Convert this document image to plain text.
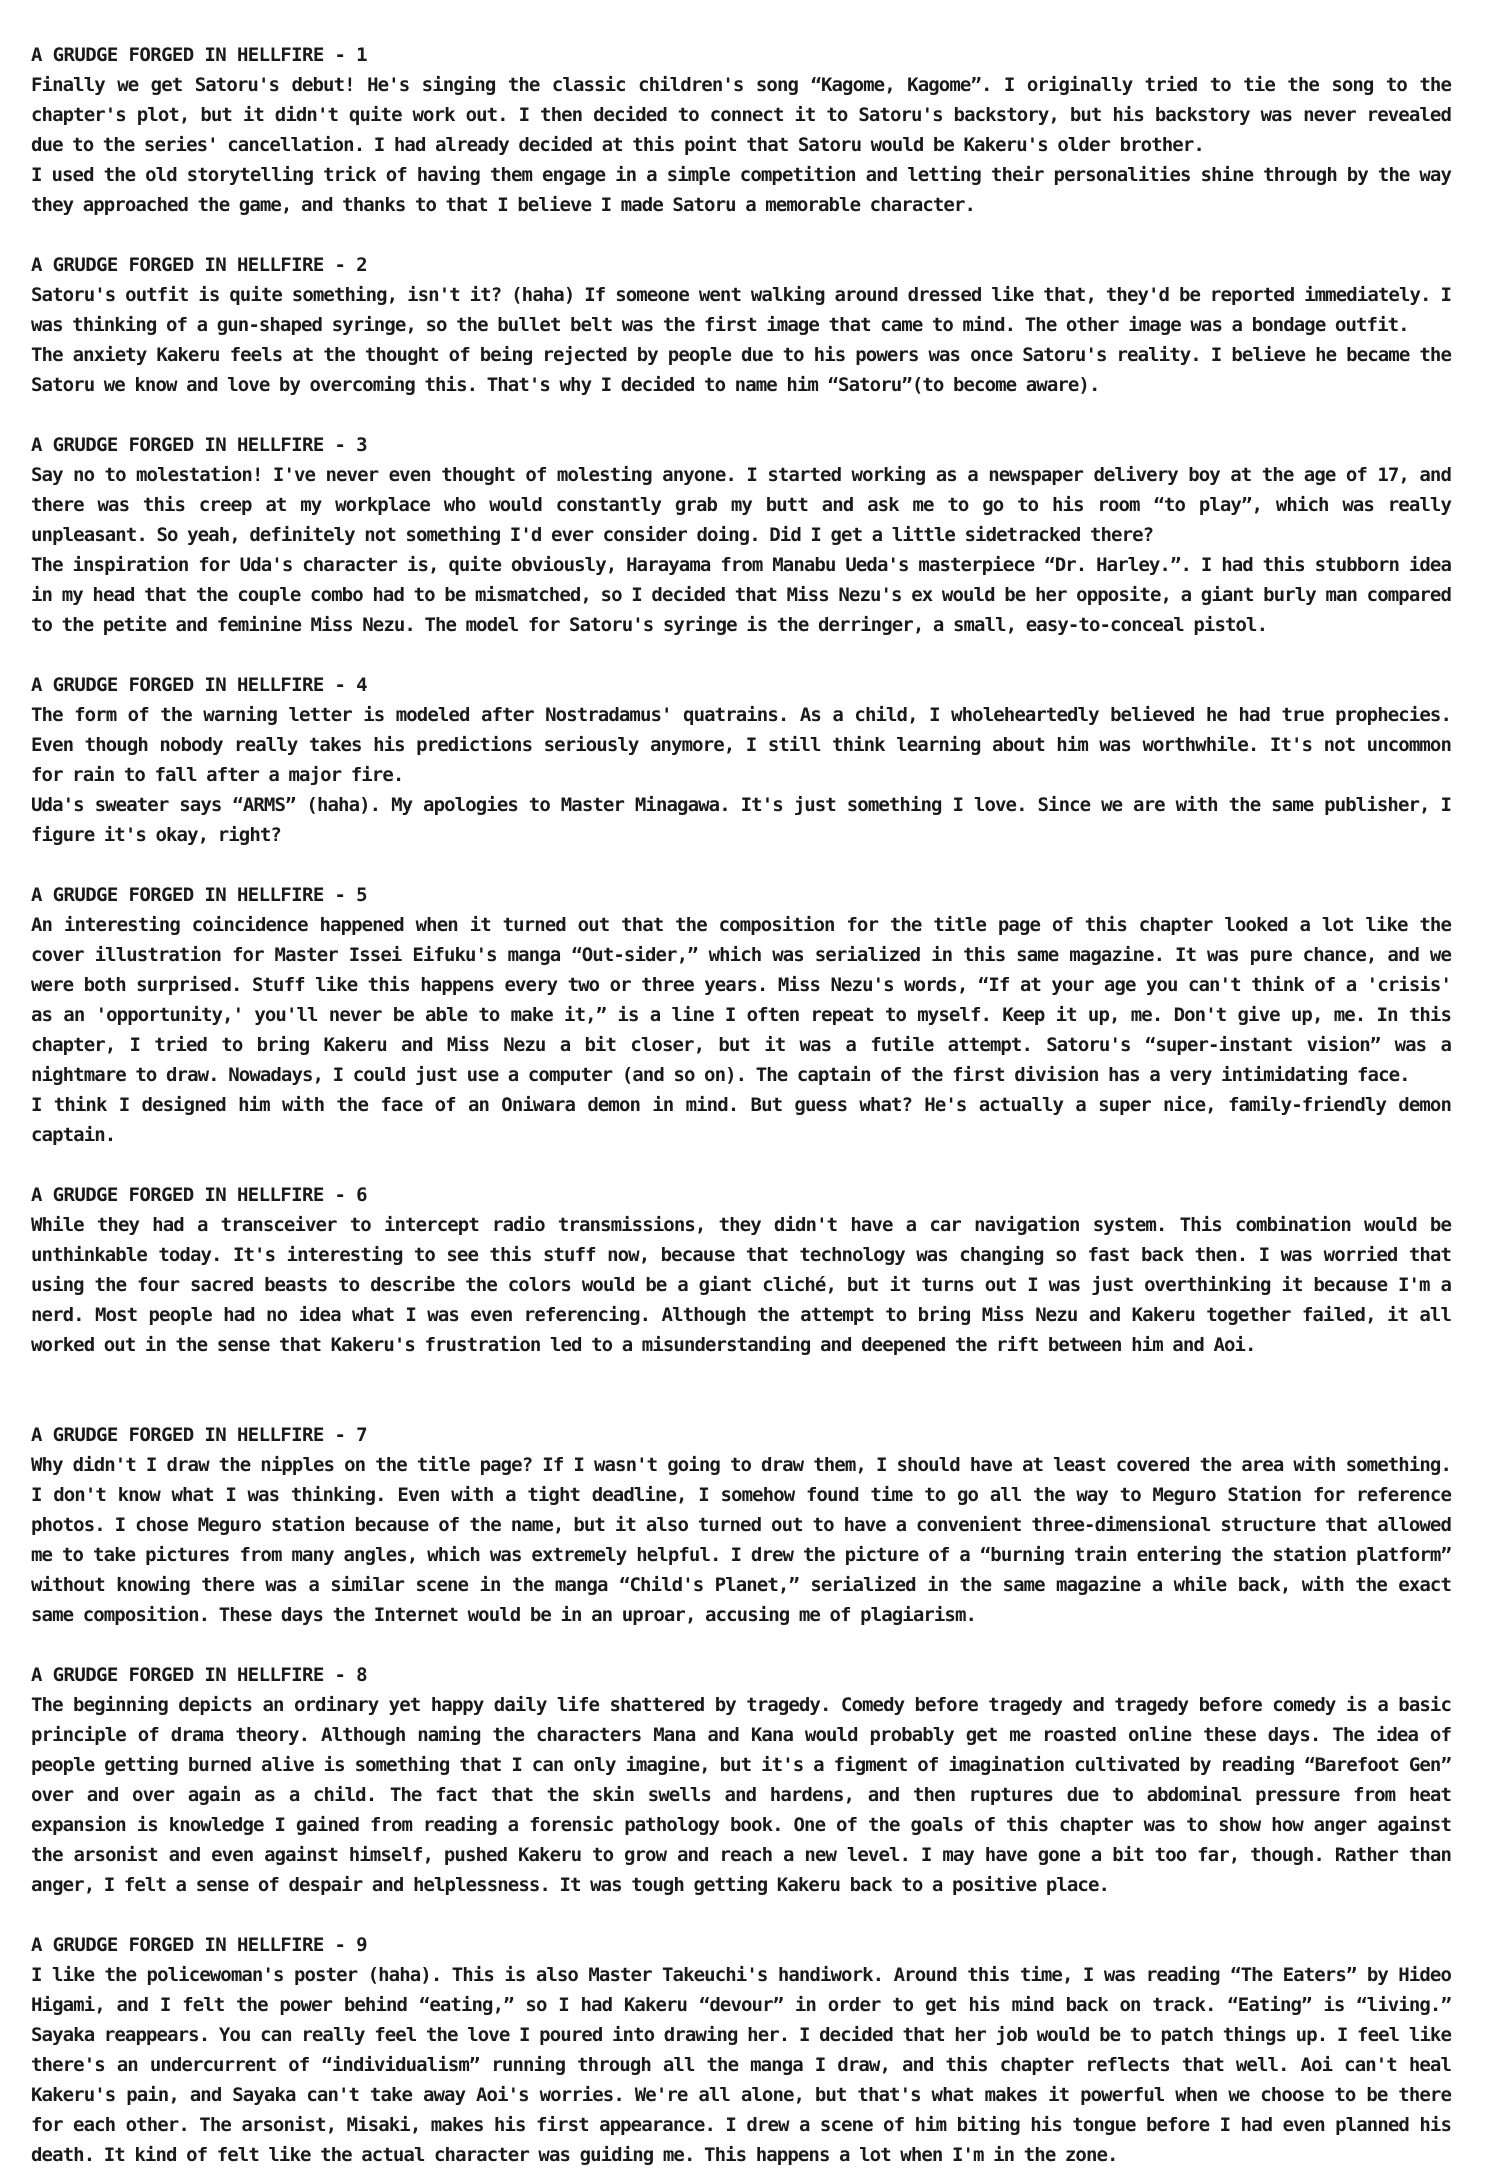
A GRUDGE FORGED IN HELLFIRE - 1

Finally we get Satoru's debut! He's singing the classic children's song “Kagome, Kagome”. I originally tried to tie the song to the chapter's plot, but it didn't quite work out. I then decided to connect it to Satoru's backstory, but his backstory was never revealed due to the series' cancellation. I had already decided at this point that Satoru would be Kakeru's older brother.

I used the old storytelling trick of having them engage in a simple competition and letting their personalities shine through by the way they approached the game, and thanks to that I believe I made Satoru a memorable character.

A GRUDGE FORGED IN HELLFIRE - 2

Satoru's outfit is quite something, isn't it? (haha) If someone went walking around dressed like that, they'd be reported immediately. I was thinking of a gun-shaped syringe, so the bullet belt was the first image that came to mind. The other image was a bondage outfit.

The anxiety Kakeru feels at the thought of being rejected by people due to his powers was once Satoru's reality. I believe he became the Satoru we know and love by overcoming this. That's why I decided to name him “Satoru”(to become aware).

A GRUDGE FORGED IN HELLFIRE - 3

Say no to molestation! I've never even thought of molesting anyone. I started working as a newspaper delivery boy at the age of 17, and there was this creep at my workplace who would constantly grab my butt and ask me to go to his room “to play”, which was really unpleasant. So yeah, definitely not something I'd ever consider doing. Did I get a little sidetracked there?

The inspiration for Uda's character is, quite obviously, Harayama from Manabu Ueda's masterpiece “Dr. Harley.”. I had this stubborn idea in my head that the couple combo had to be mismatched, so I decided that Miss Nezu's ex would be her opposite, a giant burly man compared to the petite and feminine Miss Nezu. The model for Satoru's syringe is the derringer, a small, easy-to-conceal pistol.

A GRUDGE FORGED IN HELLFIRE - 4

The form of the warning letter is modeled after Nostradamus' quatrains. As a child, I wholeheartedly believed he had true prophecies. Even though nobody really takes his predictions seriously anymore, I still think learning about him was worthwhile. It's not uncommon for rain to fall after a major fire.

Uda's sweater says “ARMS” (haha). My apologies to Master Minagawa. It's just something I love. Since we are with the same publisher, I figure it's okay, right?

A GRUDGE FORGED IN HELLFIRE - 5

An interesting coincidence happened when it turned out that the composition for the title page of this chapter looked a lot like the cover illustration for Master Issei Eifuku's manga “Out-sider,” which was serialized in this same magazine. It was pure chance, and we were both surprised. Stuff like this happens every two or three years. Miss Nezu's words, “If at your age you can't think of a 'crisis' as an 'opportunity,' you'll never be able to make it,” is a line I often repeat to myself. Keep it up, me. Don't give up, me. In this chapter, I tried to bring Kakeru and Miss Nezu a bit closer, but it was a futile attempt. Satoru's “super-instant vision” was a nightmare to draw. Nowadays, I could just use a computer (and so on). The captain of the first division has a very intimidating face.

I think I designed him with the face of an Oniwara demon in mind. But guess what? He's actually a super nice, family-friendly demon captain.

A GRUDGE FORGED IN HELLFIRE - 6

While they had a transceiver to intercept radio transmissions, they didn't have a car navigation system. This combination would be unthinkable today. It's interesting to see this stuff now, because that technology was changing so fast back then. I was worried that using the four sacred beasts to describe the colors would be a giant cliché, but it turns out I was just overthinking it because I'm a nerd. Most people had no idea what I was even referencing. Although the attempt to bring Miss Nezu and Kakeru together failed, it all worked out in the sense that Kakeru's frustration led to a misunderstanding and deepened the rift between him and Aoi.

A GRUDGE FORGED IN HELLFIRE - 7

Why didn't I draw the nipples on the title page? If I wasn't going to draw them, I should have at least covered the area with something. I don't know what I was thinking. Even with a tight deadline, I somehow found time to go all the way to Meguro Station for reference photos. I chose Meguro station because of the name, but it also turned out to have a convenient three-dimensional structure that allowed me to take pictures from many angles, which was extremely helpful. I drew the picture of a “burning train entering the station platform” without knowing there was a similar scene in the manga “Child's Planet,” serialized in the same magazine a while back, with the exact same composition. These days the Internet would be in an uproar, accusing me of plagiarism.

A GRUDGE FORGED IN HELLFIRE - 8

The beginning depicts an ordinary yet happy daily life shattered by tragedy. Comedy before tragedy and tragedy before comedy is a basic principle of drama theory. Although naming the characters Mana and Kana would probably get me roasted online these days. The idea of people getting burned alive is something that I can only imagine, but it's a figment of imagination cultivated by reading “Barefoot Gen” over and over again as a child. The fact that the skin swells and hardens, and then ruptures due to abdominal pressure from heat expansion is knowledge I gained from reading a forensic pathology book. One of the goals of this chapter was to show how anger against the arsonist and even against himself, pushed Kakeru to grow and reach a new level. I may have gone a bit too far, though. Rather than anger, I felt a sense of despair and helplessness. It was tough getting Kakeru back to a positive place.

A GRUDGE FORGED IN HELLFIRE - 9

I like the policewoman's poster (haha). This is also Master Takeuchi's handiwork. Around this time, I was reading “The Eaters” by Hideo Higami, and I felt the power behind “eating,” so I had Kakeru “devour” in order to get his mind back on track. “Eating” is “living.” Sayaka reappears. You can really feel the love I poured into drawing her. I decided that her job would be to patch things up. I feel like there's an undercurrent of “individualism” running through all the manga I draw, and this chapter reflects that well. Aoi can't heal Kakeru's pain, and Sayaka can't take away Aoi's worries. We're all alone, but that's what makes it powerful when we choose to be there for each other. The arsonist, Misaki, makes his first appearance. I drew a scene of him biting his tongue before I had even planned his death. It kind of felt like the actual character was guiding me. This happens a lot when I'm in the zone.
